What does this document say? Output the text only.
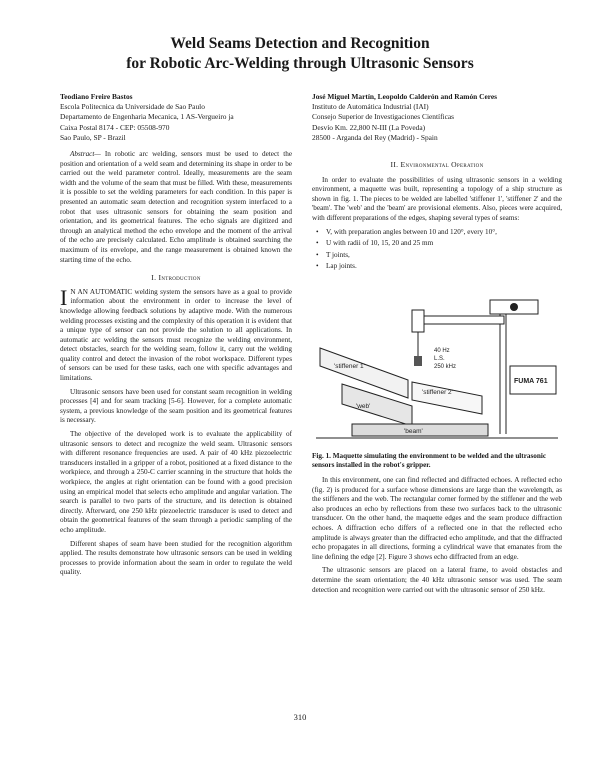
Weld Seams Detection and Recognition
for Robotic Arc-Welding through Ultrasonic Sensors
Teodiano Freire Bastos
Escola Politecnica da Universidade de Sao Paulo
Departamento de Engenharia Mecanica, 1 AS-Vergueiro ja
Caixa Postal 8174 - CEP: 05508-970
Sao Paulo, SP - Brazil
José Miguel Martín, Leopoldo Calderón and Ramón Ceres
Instituto de Automática Industrial (IAI)
Consejo Superior de Investigaciones Científicas
Desvío Km. 22,800 N-III (La Poveda)
28500 - Arganda del Rey (Madrid) - Spain

Abstract— In robotic arc welding, sensors must be used to detect the position and orientation of a weld seam and determining its shape in order to be carried out the weld parameter control. Ideally, measurements are the seam width and the volume of the seam that must be filled. With these, measurements it is possible to set the welding parameters for each condition. In this paper is presented an automatic seam detection and recognition system interfaced to a robot that uses ultrasonic sensors for obtaining the seam position and orientation, and its geometrical features. The echo signals are digitized and through an analytical method the echo envelope and the moment of the arrival of the echo are precisely calculated. Echo amplitude is obtained searching the maximum of its envelope, and the range measurement is obtained known the starting time of the echo.

I. Introduction

I N AN AUTOMATIC welding system the sensors have as a goal to provide information about the environment in order to increase the level of knowledge allowing feedback solutions by adaptive mode. With the numerous welding processes existing and the complexity of this operation it is evident that a unique type of sensor can not provide the solution to all applications. In automatic arc welding the sensors must recognize the welding environment, detect obstacles, search for the welding seam, follow it, carry out the welding quality control and detect the invasion of the robot workspace. Different types of sensors can be used for these tasks, each one with specific advantages and limitations.

Ultrasonic sensors have been used for constant seam recognition in welding processes [4] and for seam tracking [5-6]. However, for a complete automatic system, a previous knowledge of the seam position and its geometrical features is necessary.

The objective of the developed work is to evaluate the applicability of ultrasonic sensors to detect and recognize the weld seam. Ultrasonic sensors with different resonance frequencies are used. A pair of 40 kHz piezoelectric transducers installed in a gripper of a robot, positioned at a fixed distance to the workpiece, and through a 250-C carrier scanning in the structure that holds the workpiece, the angles at right orientation can be found with a good precision using an empirical model that selects echo amplitude and angular variation. The search is parallel to two parts of the structure, and its detection is obtained directly. Afterward, one 250 kHz piezoelectric transducer is used to detect and obtain the geometrical features of the seam through a periodic sampling of the echo amplitude.

Different shapes of seam have been studied for the recognition algorithm applied. The results demonstrate how ultrasonic sensors can be used in welding processes to provide information about the seam in order to regulate the weld quality.

II. Environmental Operation

In order to evaluate the possibilities of using ultrasonic sensors in a welding environment, a maquette was built, representing a topology of a ship structure as shown in fig. 1. The pieces to be welded are labelled 'stiffener 1', 'stiffener 2' and the 'beam'. The 'web' and the 'beam' are provisional elements. Also, pieces were acquired, with different preparations of the edges, shaping several types of seams:

• V, with preparation angles between 10 and 120°, every 10°,
• U with radii of 10, 15, 20 and 25 mm
• T joints,
• Lap joints.
40 Hz
L.S.
250 kHz
'stiffener 1'
'web'
'stiffener 2'
'beam'
FUMA 761
Fig. 1. Maquette simulating the environment to be welded and the ultrasonic sensors installed in the robot's gripper.

In this environment, one can find reflected and diffracted echoes. A reflected echo (fig. 2) is produced for a surface whose dimensions are large than the wavelength, as the stiffeners and the web. The rectangular corner formed by the stiffener and the web also produces an echo by reflections from these two surfaces back to the ultrasonic transducer. On the other hand, the maquette edges and the seam produce diffraction echoes. A diffraction echo differs of a reflected one in that the reflected echo amplitude is always greater than the diffracted echo amplitude, and that the diffracted echo propagates in all directions, forming a cylindrical wave that emanates from the line defining the edge [2]. Figure 3 shows echo diffracted from an edge.

The ultrasonic sensors are placed on a lateral frame, to avoid obstacles and determine the seam orientation; the 40 kHz ultrasonic sensor was used. The seam detection and recognition were carried out with the ultrasonic sensor of 250 kHz.

310
